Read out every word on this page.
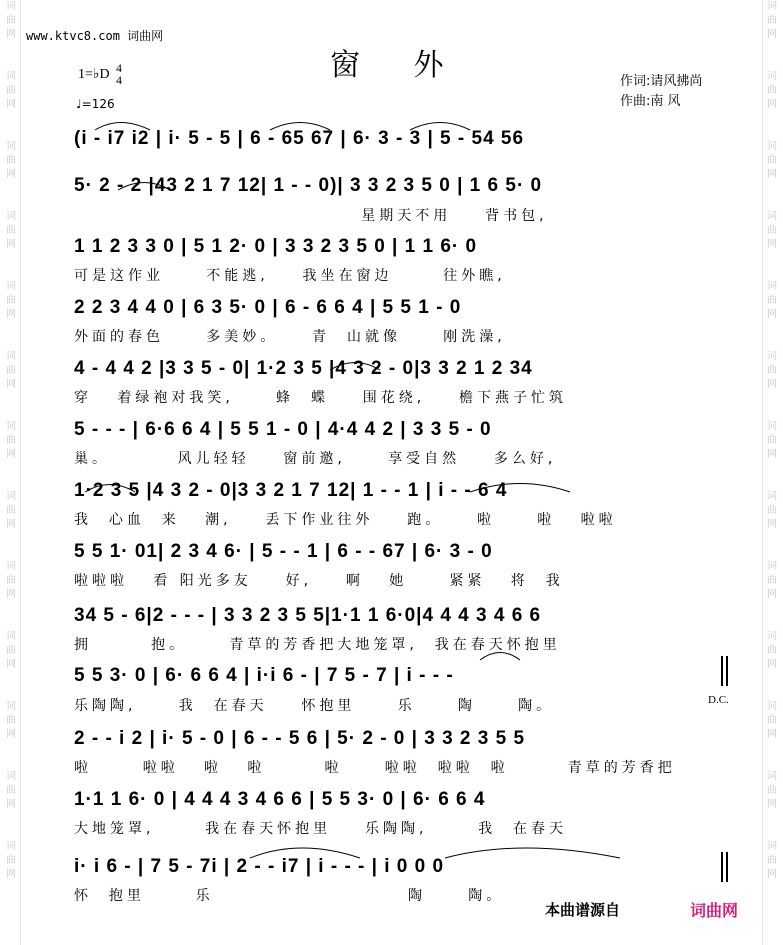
词
曲
网

词
曲
网

词
曲
网

词
曲
网

词
曲
网

词
曲
网

词
曲
网

词
曲
网

词
曲
网

词
曲
网

词
曲
网

词
曲
网

词
曲
网
词
曲
网

词
曲
网

词
曲
网

词
曲
网

词
曲
网

词
曲
网

词
曲
网

词
曲
网

词
曲
网

词
曲
网

词
曲
网

词
曲
网

词
曲
网
www.ktvc8.com 词曲网
窗 外
1=♭D 4
4
♩=126
作词:请风拂尚
作曲:南 风
(i - i7 i2 | i· 5 - 5 | 6 - 65 67 | 6· 3 - 3 | 5 - 54 56
5· 2 - 2 |43 2 1 7 12| 1 - - 0)| 3 3 2 3 5 0 | 1 6 5· 0
星期天不用    背书包,
1 1 2 3 3 0 | 5 1 2· 0 | 3 3 2 3 5 0 | 1 1 6· 0
可是这作业     不能逃,    我坐在窗边      往外瞧,
2 2 3 4 4 0 | 6 3 5· 0 | 6 - 6 6 4 | 5 5 1 - 0
外面的春色     多美妙。    青  山就像     刚洗澡,
4 - 4 4 2 |3 3 5 - 0| 1·2 3 5 |4 3 2 - 0|3 3 2 1 2 34
穿   着绿袍对我笑,     蜂  蝶    围花绕,    檐下燕子忙筑
5 - - - | 6·6 6 4 | 5 5 1 - 0 | 4·4 4 2 | 3 3 5 - 0
巢。        风儿轻轻    窗前邀,     享受自然    多么好,
1·2 3 5 |4 3 2 - 0|3 3 2 1 7 12| 1 - - 1 | i - - 6 4
我  心血  来   潮,    丢下作业往外    跑。    啦     啦   啦啦
5 5 1· 01| 2 3 4 6· | 5 - - 1 | 6 - - 67 | 6· 3 - 0
啦啦啦   看 阳光多友    好,    啊   她     紧紧   将  我
34 5 - 6|2 - - - | 3 3 2 3 5 5|1·1 1 6·0|4 4 4 3 4 6 6
拥       抱。     青草的芳香把大地笼罩,  我在春天怀抱里
5 5 3· 0 | 6· 6 6 4 | i·i 6 - | 7 5 - 7 | i - - -
乐陶陶,     我  在春天    怀抱里     乐     陶     陶。	D.C.
2 - - i 2 | i· 5 - 0 | 6 - - 5 6 | 5· 2 - 0 | 3 3 2 3 5 5
啦      啦啦   啦   啦       啦     啦啦  啦啦  啦       青草的芳香把
1·1 1 6· 0 | 4 4 4 3 4 6 6 | 5 5 3· 0 | 6· 6 6 4
大地笼罩,      我在春天怀抱里    乐陶陶,      我  在春天
i· i 6 - | 7 5 - 7i | 2 - - i7 | i - - - | i 0 0 0
怀  抱里      乐                       陶     陶。
本曲谱源自	词曲网
